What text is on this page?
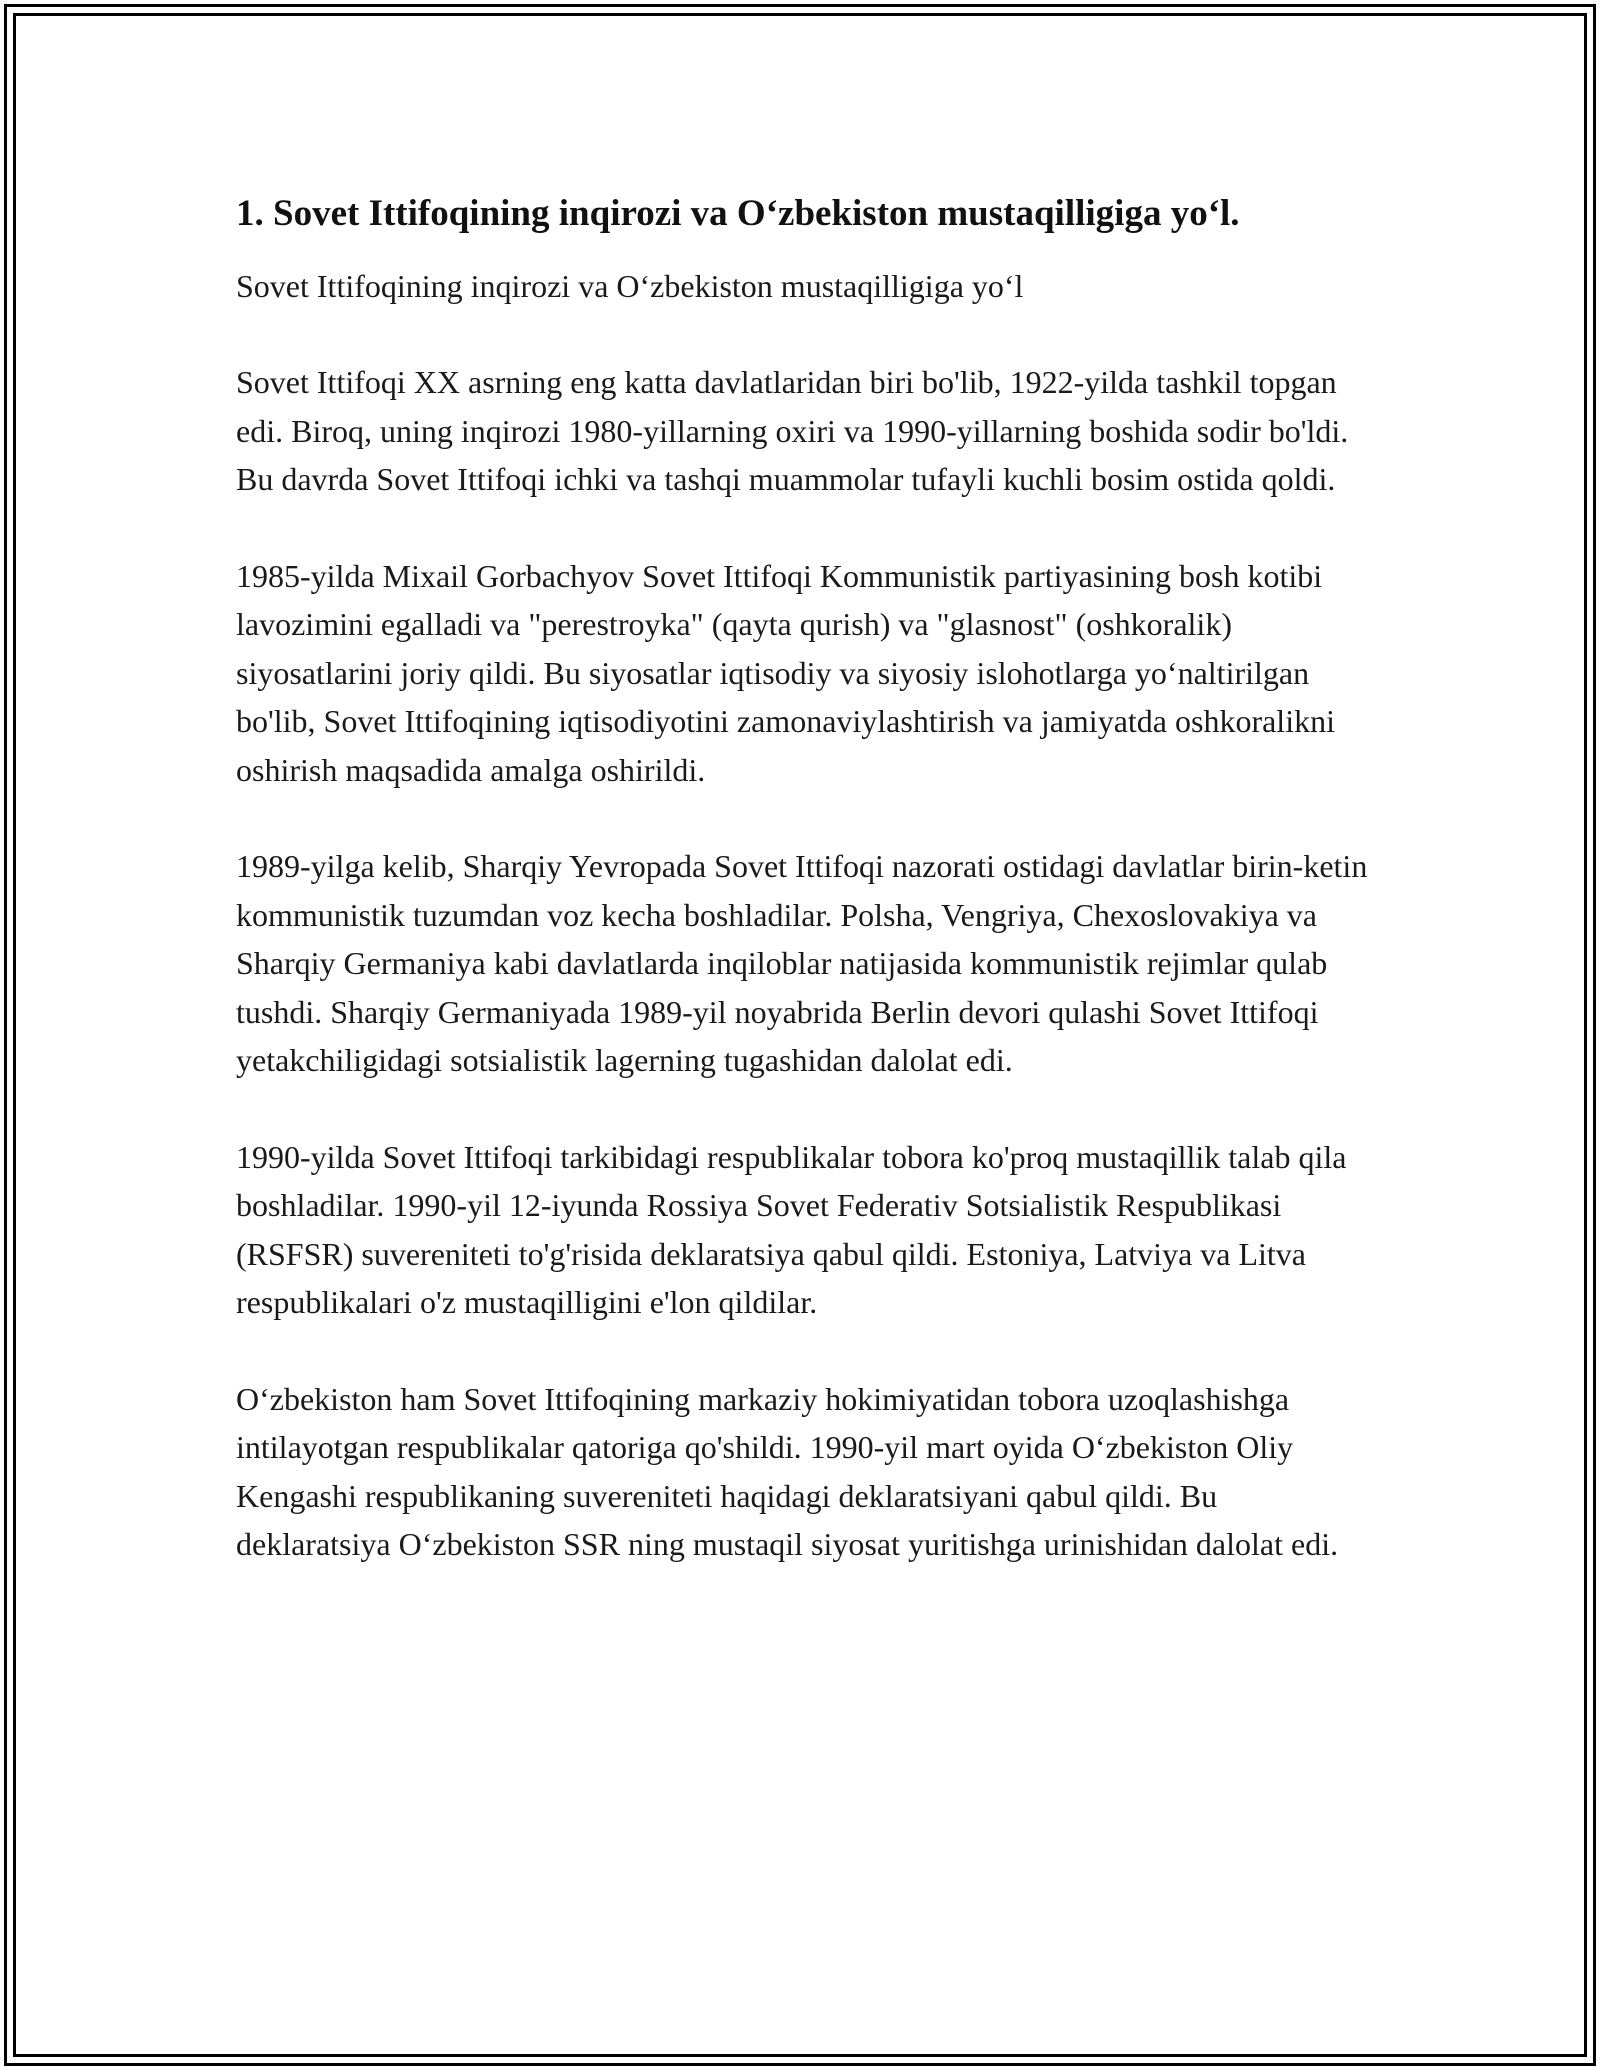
1. Sovet Ittifoqining inqirozi va O‘zbekiston mustaqilligiga yo‘l.

Sovet Ittifoqining inqirozi va O‘zbekiston mustaqilligiga yo‘l

Sovet Ittifoqi XX asrning eng katta davlatlaridan biri bo'lib, 1922-yilda tashkil topgan edi. Biroq, uning inqirozi 1980-yillarning oxiri va 1990-yillarning boshida sodir bo'ldi. Bu davrda Sovet Ittifoqi ichki va tashqi muammolar tufayli kuchli bosim ostida qoldi.

1985-yilda Mixail Gorbachyov Sovet Ittifoqi Kommunistik partiyasining bosh kotibi lavozimini egalladi va "perestroyka" (qayta qurish) va "glasnost" (oshkoralik) siyosatlarini joriy qildi. Bu siyosatlar iqtisodiy va siyosiy islohotlarga yo‘naltirilgan bo'lib, Sovet Ittifoqining iqtisodiyotini zamonaviylashtirish va jamiyatda oshkoralikni oshirish maqsadida amalga oshirildi.

1989-yilga kelib, Sharqiy Yevropada Sovet Ittifoqi nazorati ostidagi davlatlar birin-ketin kommunistik tuzumdan voz kecha boshladilar. Polsha, Vengriya, Chexoslovakiya va Sharqiy Germaniya kabi davlatlarda inqiloblar natijasida kommunistik rejimlar qulab tushdi. Sharqiy Germaniyada 1989-yil noyabrida Berlin devori qulashi Sovet Ittifoqi yetakchiligidagi sotsialistik lagerning tugashidan dalolat edi.

1990-yilda Sovet Ittifoqi tarkibidagi respublikalar tobora ko'proq mustaqillik talab qila boshladilar. 1990-yil 12-iyunda Rossiya Sovet Federativ Sotsialistik Respublikasi (RSFSR) suvereniteti to'g'risida deklaratsiya qabul qildi. Estoniya, Latviya va Litva respublikalari o'z mustaqilligini e'lon qildilar.

O‘zbekiston ham Sovet Ittifoqining markaziy hokimiyatidan tobora uzoqlashishga intilayotgan respublikalar qatoriga qo'shildi. 1990-yil mart oyida O‘zbekiston Oliy Kengashi respublikaning suvereniteti haqidagi deklaratsiyani qabul qildi. Bu deklaratsiya O‘zbekiston SSR ning mustaqil siyosat yuritishga urinishidan dalolat edi.
